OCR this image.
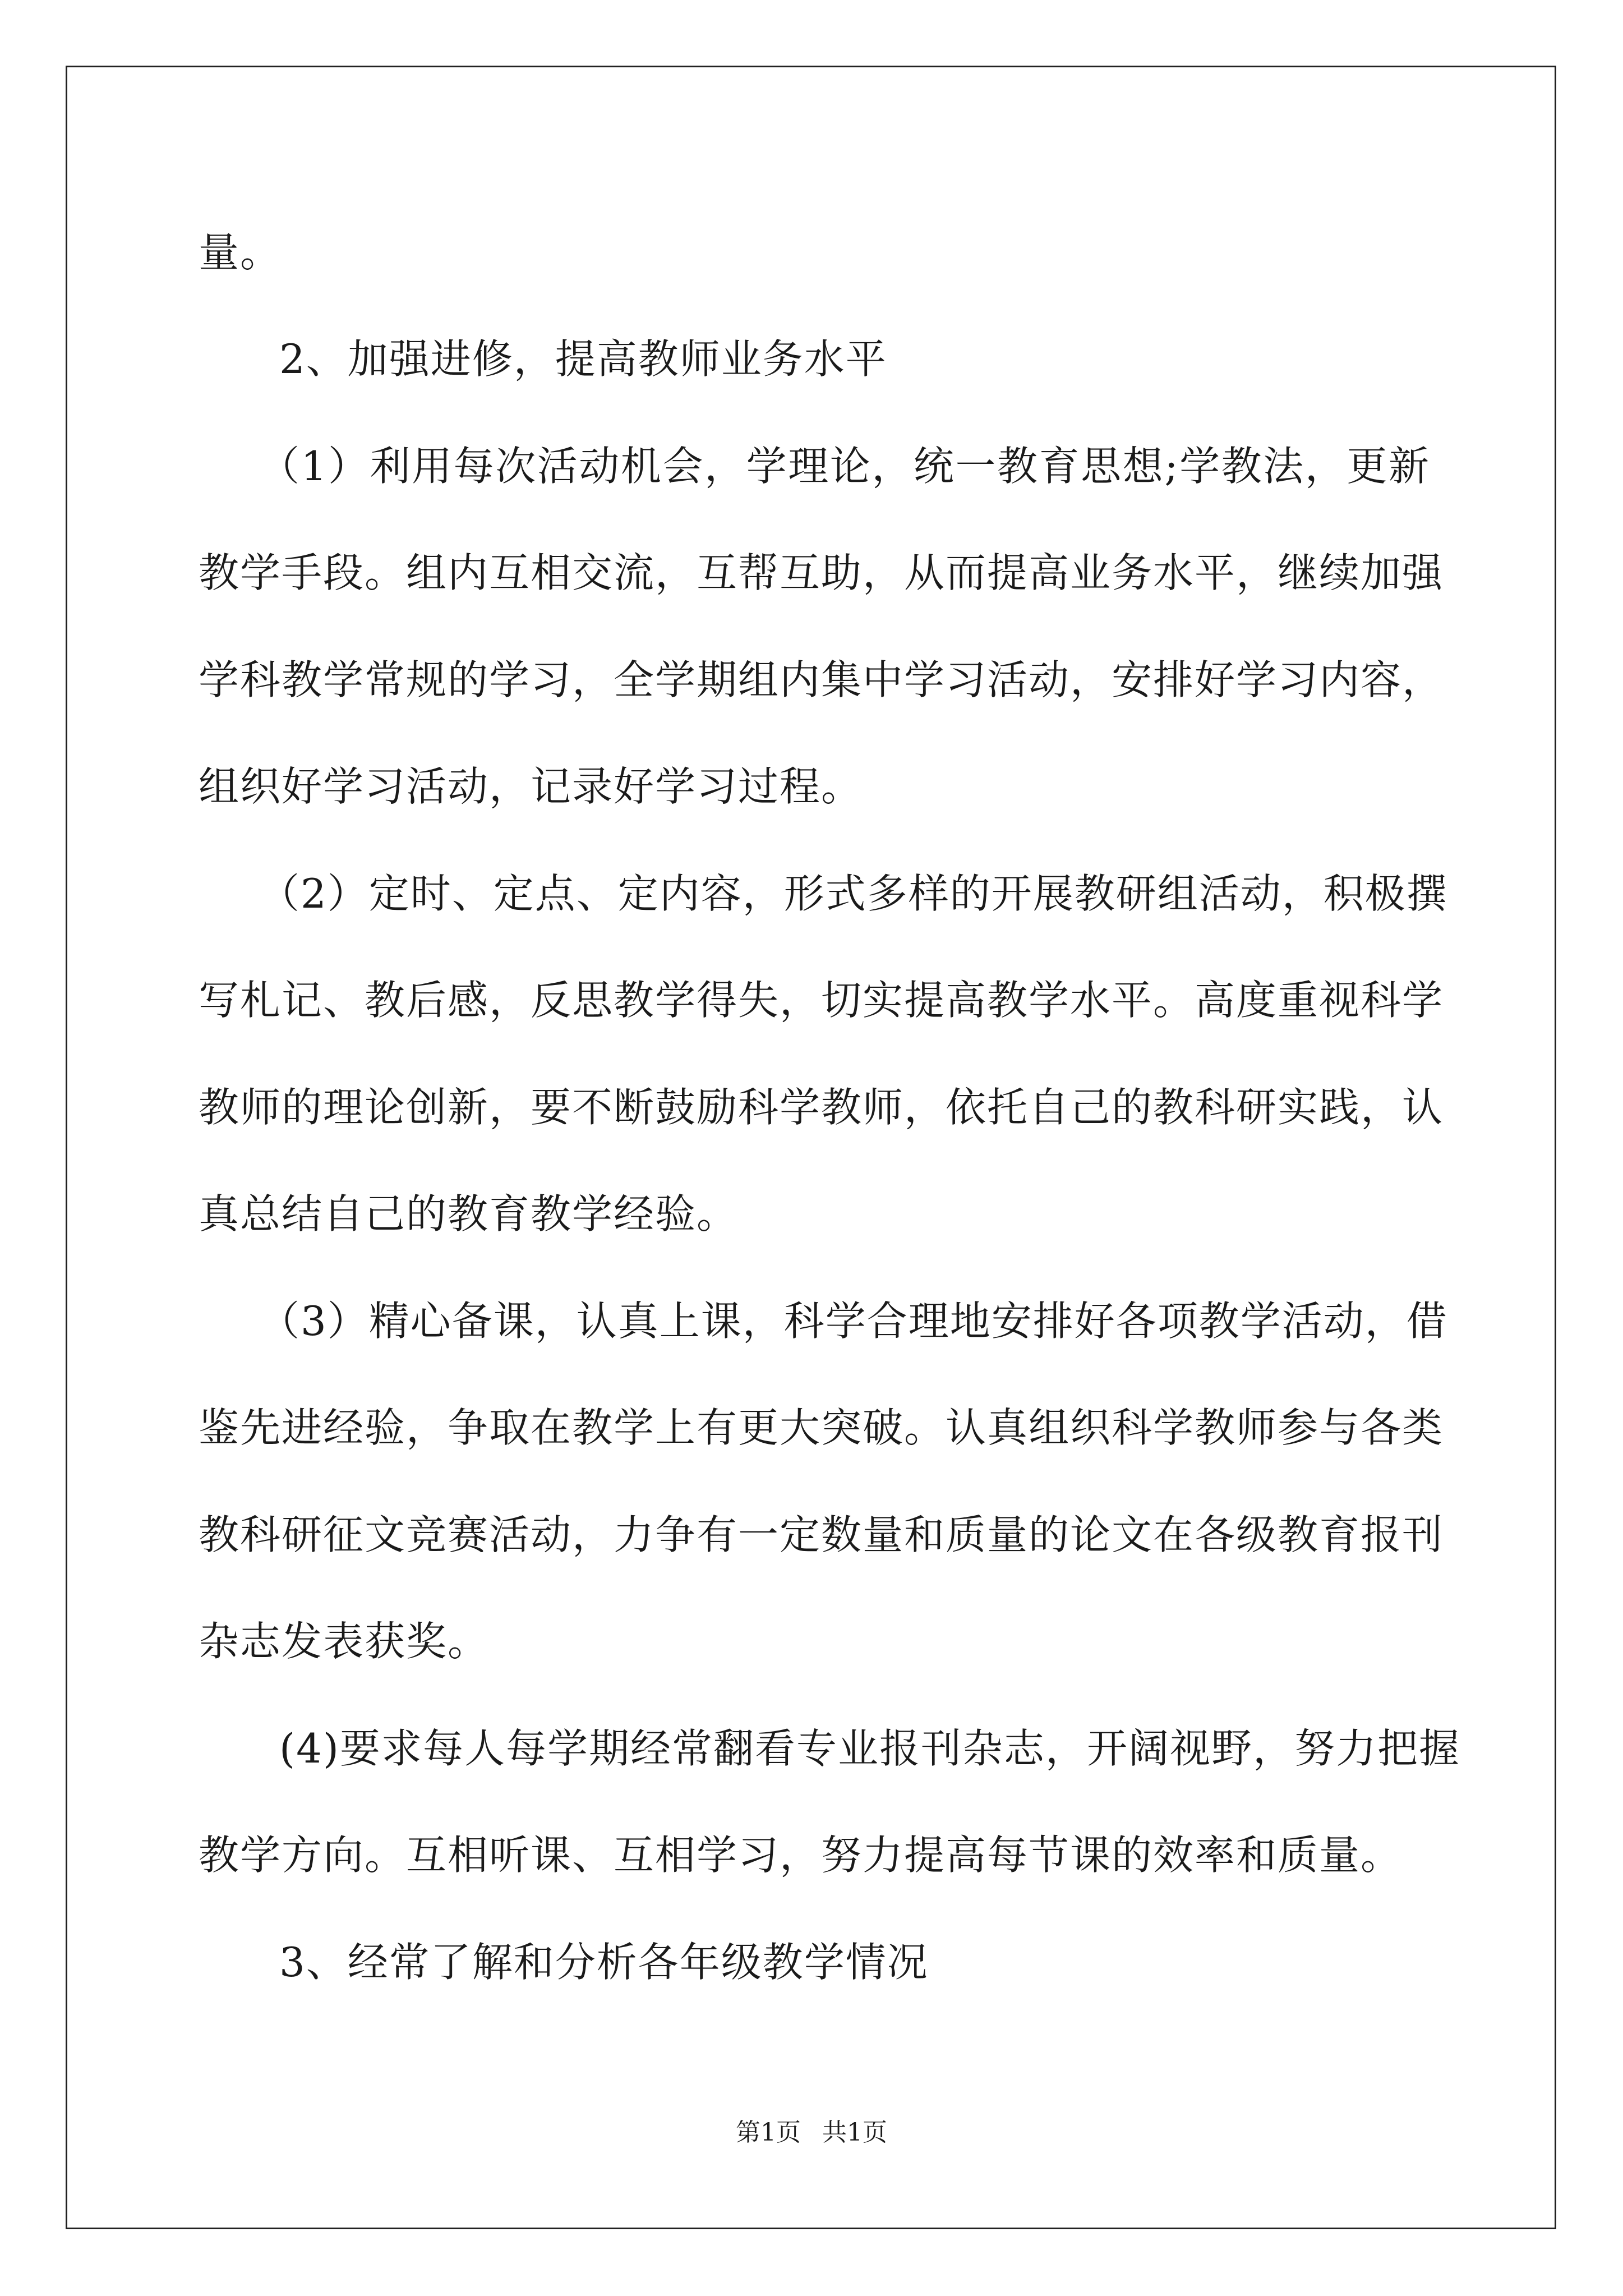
量。
2、加强进修，提高教师业务水平
（1）利用每次活动机会，学理论，统一教育思想;学教法，更新
教学手段。组内互相交流，互帮互助，从而提高业务水平，继续加强
学科教学常规的学习，全学期组内集中学习活动，安排好学习内容，
组织好学习活动，记录好学习过程。
（2）定时、定点、定内容，形式多样的开展教研组活动，积极撰
写札记、教后感，反思教学得失，切实提高教学水平。高度重视科学
教师的理论创新，要不断鼓励科学教师，依托自己的教科研实践，认
真总结自己的教育教学经验。
（3）精心备课，认真上课，科学合理地安排好各项教学活动，借
鉴先进经验，争取在教学上有更大突破。认真组织科学教师参与各类
教科研征文竞赛活动，力争有一定数量和质量的论文在各级教育报刊
杂志发表获奖。
(4)要求每人每学期经常翻看专业报刊杂志，开阔视野，努力把握
教学方向。互相听课、互相学习，努力提高每节课的效率和质量。
3、经常了解和分析各年级教学情况
第1页 共1页
